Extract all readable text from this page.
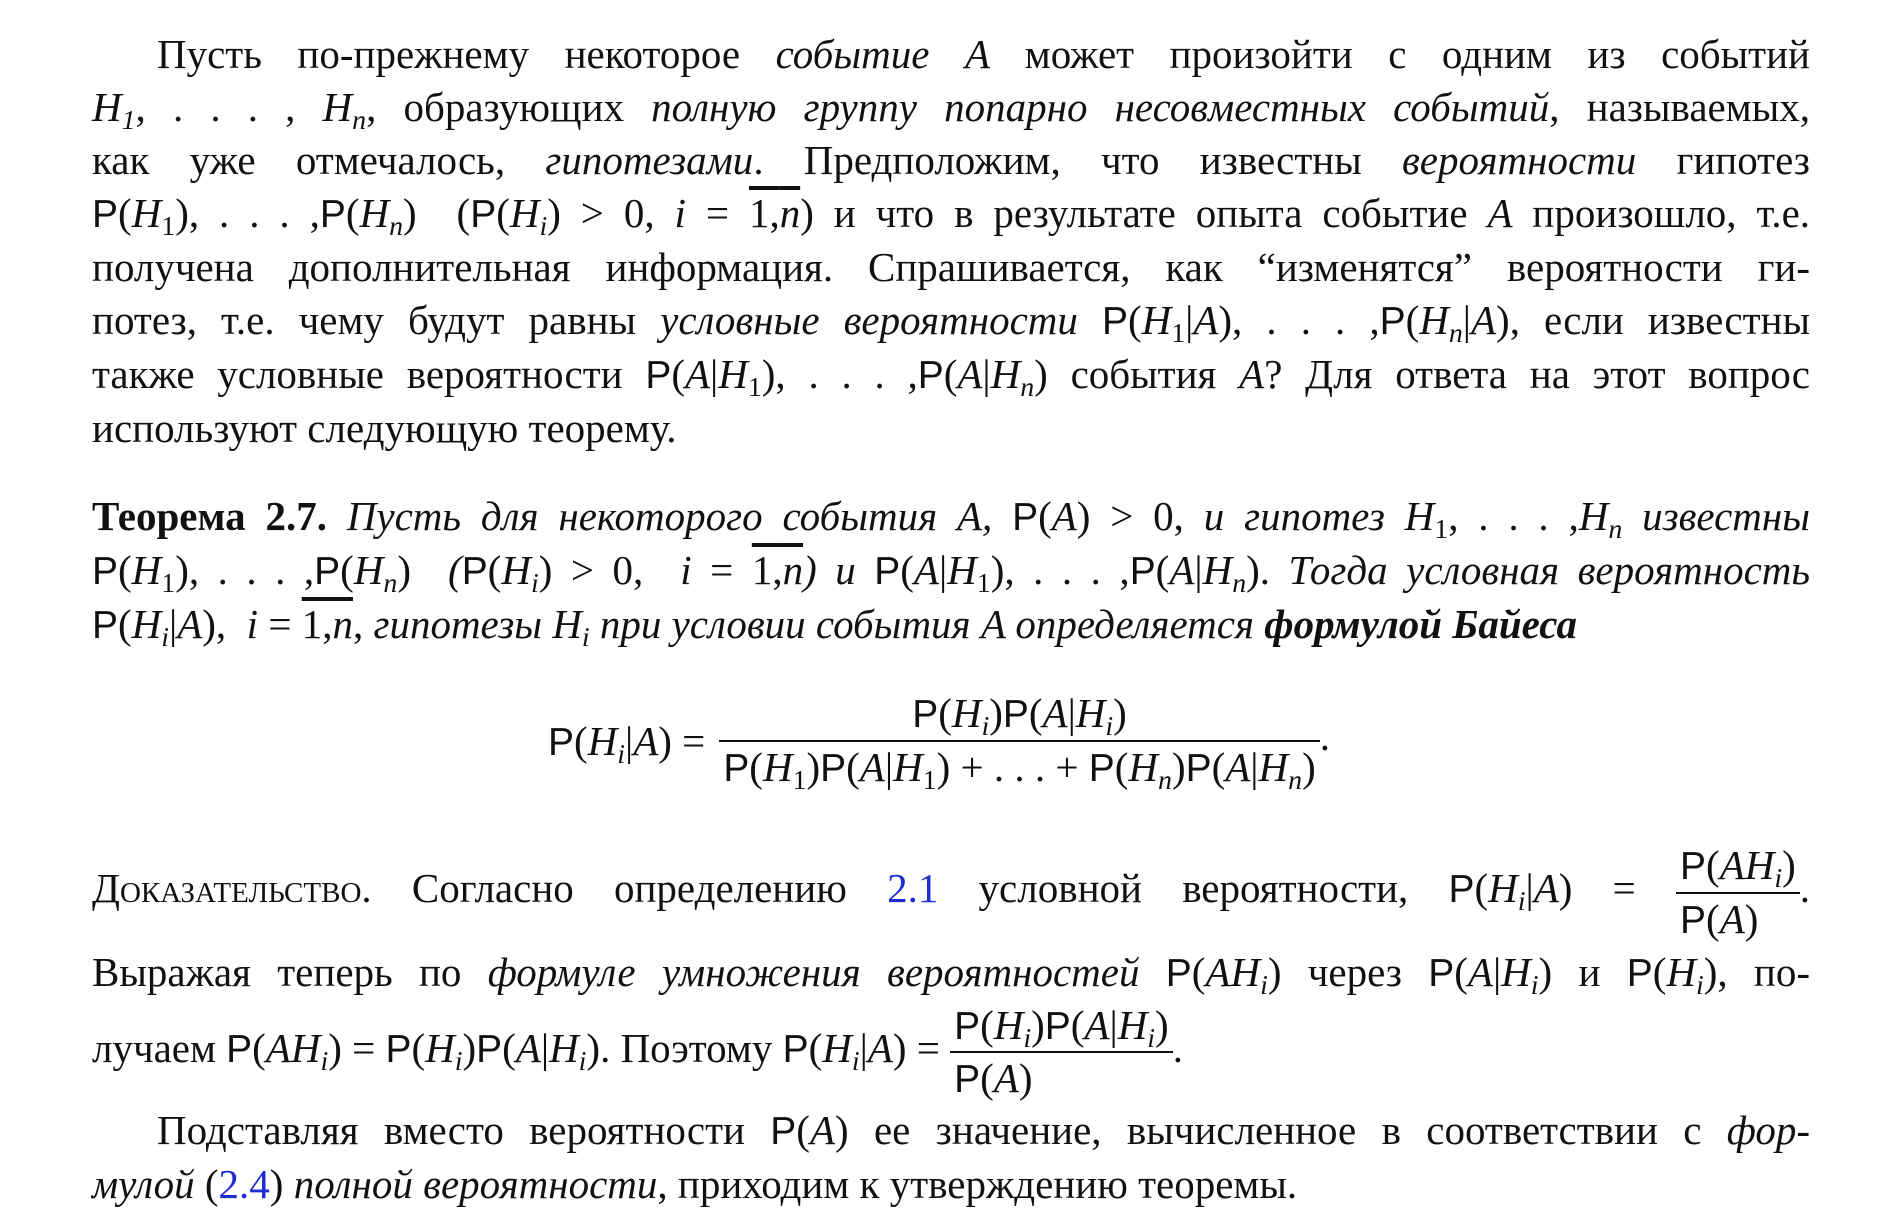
Пусть по-прежнему некоторое событие A может произойти с одним из событий
$H_1$, . . . , $H_n$, образующих полную группу попарно несовместных событий, называемых,
как уже отмечалось, гипотезами. Предположим, что известны вероятности гипотез
$P(H_1)$, . . . $,P(H_n) (P(H_i) > 0$, i = 1,n) и что в результате опыта событие A произошло, т.е.
получена дополнительная информация. Спрашивается, как “изменятся” вероятности ги-
потез, т.е. чему будут равны условные вероятности $P(H_1|A)$, . . . $,P(H_n|A)$, если известны
также условные вероятности $P(A|H_1)$, . . . $,P(A|H_n)$ события A? Для ответа на этот вопрос
используют следующую теорему.
Теорема 2.7. Пусть для некоторого события A, P(A) > 0, и гипотез $H_1$, . . . $,H_n$ известны
$P(H_1)$, . . . $,P(H_n) (P(H_i) > 0$,  i = 1,n) и $P(A|H_1)$, . . . $,P(A|H_n)$. Тогда условная вероятность
$P(H_i|A)$,  i = 1,n, гипотезы $H_i$ при условии события A определяется формулой Байеса
$P(H_i|A) = \frac{P(H_i)P(A|H_i)}{P(H_1)P(A|H_1) + . . . + P(H_n)P(A|H_n)}$ .
Доказательство. Согласно определению 2.1 условной вероятности, $P(H_i|A) = \frac{P(AH_i)}{P(A)}$ .
Выражая теперь по формуле умножения вероятностей $P(AH_i)$ через $P(A|H_i)$ и $P(H_i)$, по-
лучаем $P(AH_i) = P(H_i)P(A|H_i)$. Поэтому $P(H_i|A) = \frac{P(H_i)P(A|H_i)}{P(A)}$ .
Подставляя вместо вероятности P(A) ее значение, вычисленное в соответствии с фор-
мулой (2.4) полной вероятности, приходим к утверждению теоремы.
